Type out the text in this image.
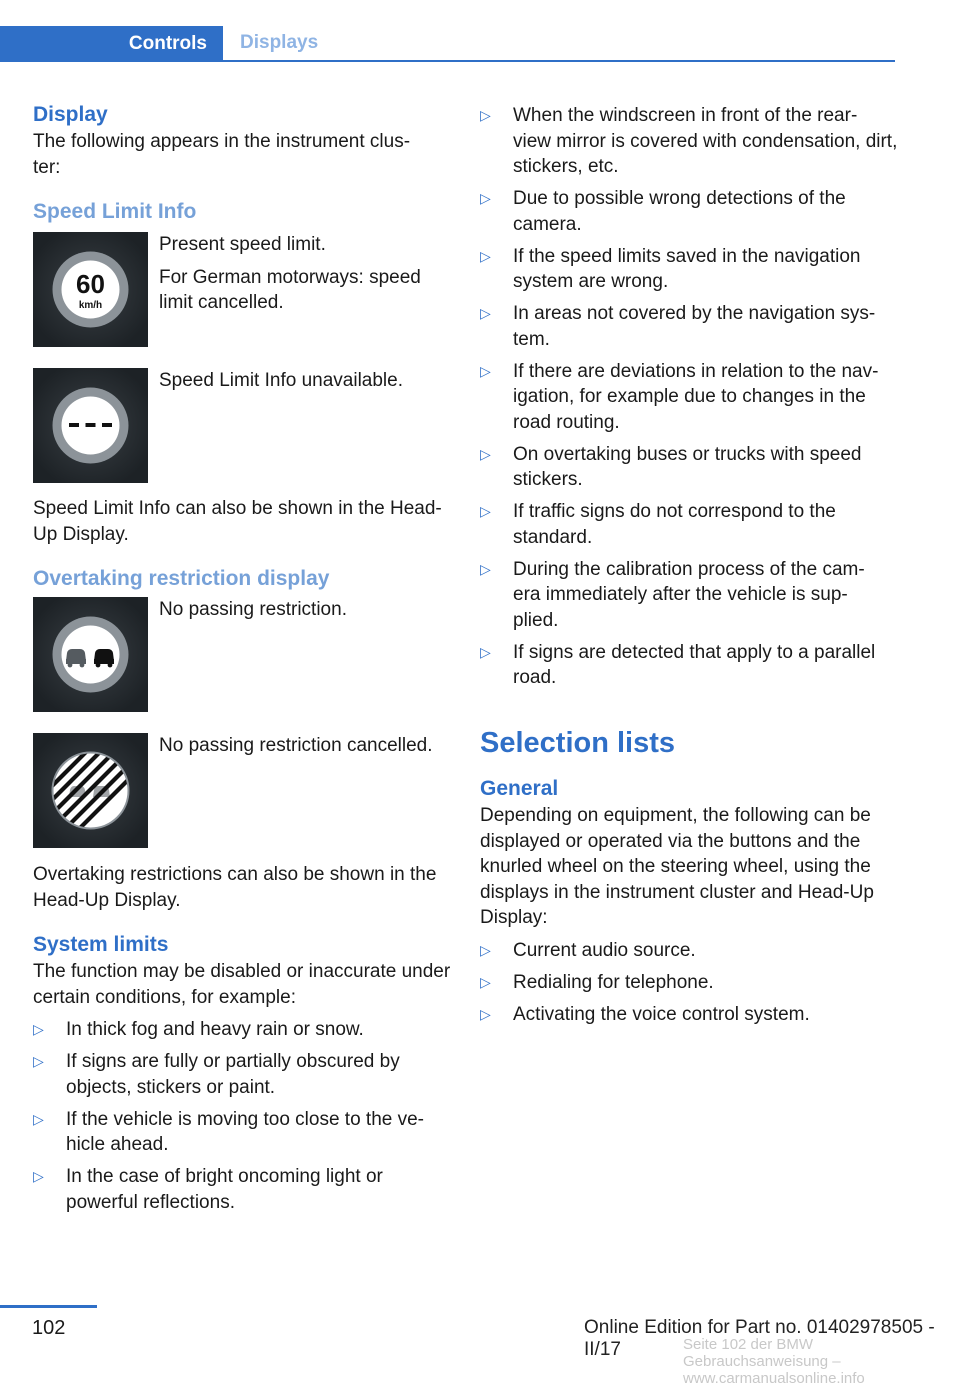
Controls	Displays
Display

The following appears in the instrument clus-
ter:

Speed Limit Info
60
km/h

Present speed limit.

For German motorways: speed limit cancelled.

Speed Limit Info unavailable.

Speed Limit Info can also be shown in the Head-Up Display.

Overtaking restriction display

No passing restriction.

No passing restriction cancelled.

Overtaking restrictions can also be shown in the Head-Up Display.

System limits

The function may be disabled or inaccurate under certain conditions, for example:

▷ In thick fog and heavy rain or snow.
▷ If signs are fully or partially obscured by objects, stickers or paint.
▷ If the vehicle is moving too close to the ve-
hicle ahead.
▷ In the case of bright oncoming light or powerful reflections.
▷ When the windscreen in front of the rear-
view mirror is covered with condensation, dirt, stickers, etc.
▷ Due to possible wrong detections of the camera.
▷ If the speed limits saved in the navigation system are wrong.
▷ In areas not covered by the navigation sys-
tem.
▷ If there are deviations in relation to the nav-
igation, for example due to changes in the road routing.
▷ On overtaking buses or trucks with speed stickers.
▷ If traffic signs do not correspond to the standard.
▷ During the calibration process of the cam-
era immediately after the vehicle is sup-
plied.
▷ If signs are detected that apply to a parallel road.
Selection lists
General

Depending on equipment, the following can be displayed or operated via the buttons and the knurled wheel on the steering wheel, using the displays in the instrument cluster and Head-Up Display:

▷ Current audio source.
▷ Redialing for telephone.
▷ Activating the voice control system.
102	Online Edition for Part no. 01402978505 - II/17	Seite 102 der BMW Gebrauchsanweisung – www.carmanualsonline.info
